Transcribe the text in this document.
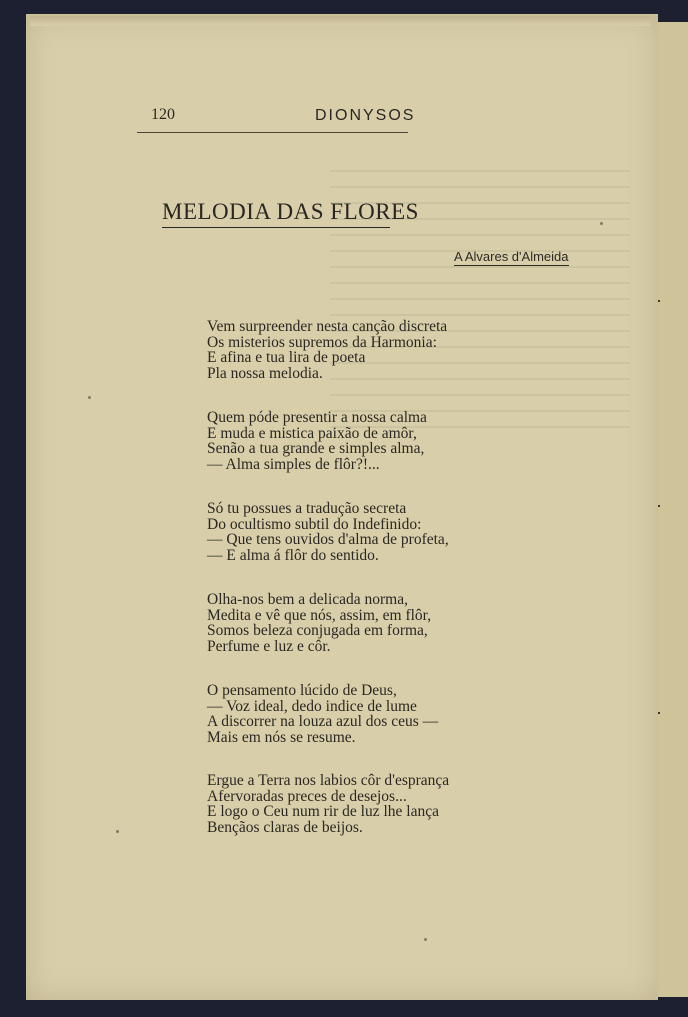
120	DIONYSOS
MELODIA DAS FLORES
A Alvares d'Almeida
Vem surpreender nesta canção discreta
Os misterios supremos da Harmonia:
E afina e tua lira de poeta
Pla nossa melodia.
Quem póde presentir a nossa calma
E muda e mistica paixão de amôr,
Senão a tua grande e simples alma,
— Alma simples de flôr?!...
Só tu possues a tradução secreta
Do ocultismo subtil do Indefinido:
— Que tens ouvidos d'alma de profeta,
— E alma á flôr do sentido.
Olha-nos bem a delicada norma,
Medita e vê que nós, assim, em flôr,
Somos beleza conjugada em forma,
Perfume e luz e côr.
O pensamento lúcido de Deus,
— Voz ideal, dedo indice de lume
A discorrer na louza azul dos ceus —
Mais em nós se resume.
Ergue a Terra nos labios côr d'esprança
Afervoradas preces de desejos...
E logo o Ceu num rir de luz lhe lança
Bençãos claras de beijos.
